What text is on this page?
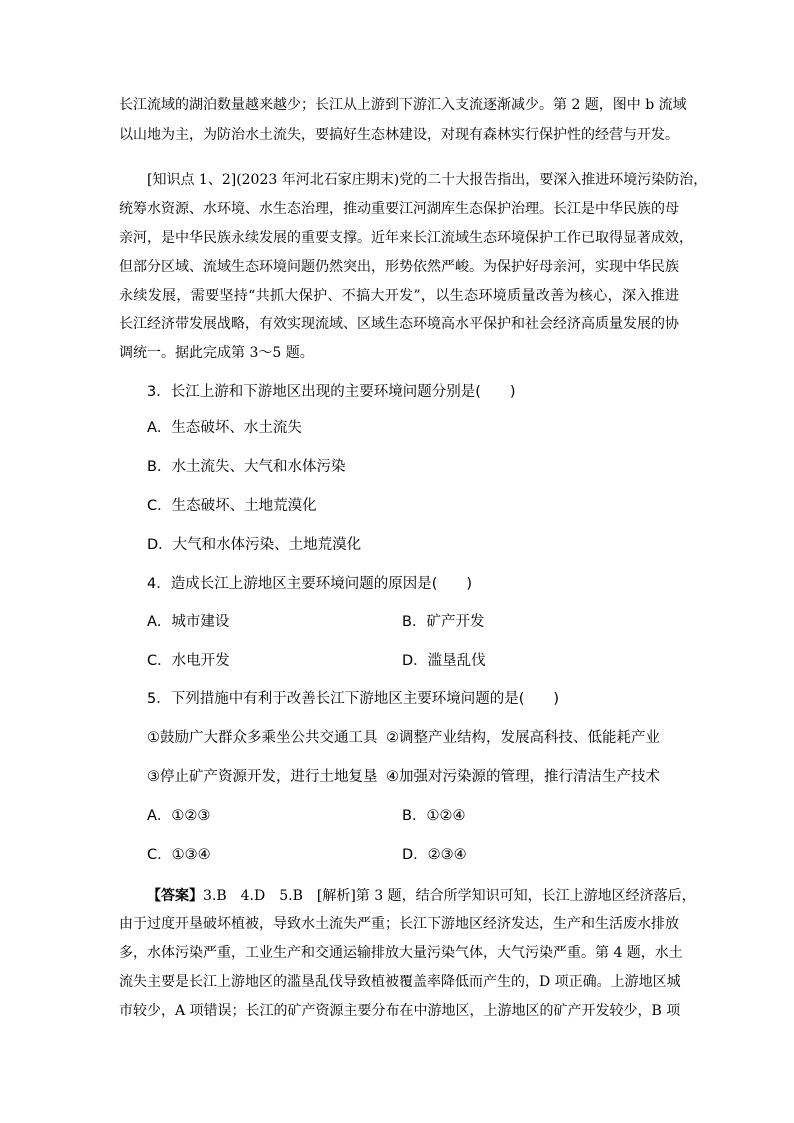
长江流域的湖泊数量越来越少；长江从上游到下游汇入支流逐渐减少。第 2 题，图中 b 流域
以山地为主，为防治水土流失，要搞好生态林建设，对现有森林实行保护性的经营与开发。
[知识点 1、2](2023 年河北石家庄期末)党的二十大报告指出，要深入推进环境污染防治，
统筹水资源、水环境、水生态治理，推动重要江河湖库生态保护治理。长江是中华民族的母
亲河，是中华民族永续发展的重要支撑。近年来长江流域生态环境保护工作已取得显著成效，
但部分区域、流域生态环境问题仍然突出，形势依然严峻。为保护好母亲河，实现中华民族
永续发展，需要坚持“共抓大保护、不搞大开发”，以生态环境质量改善为核心，深入推进
长江经济带发展战略，有效实现流域、区域生态环境高水平保护和社会经济高质量发展的协
调统一。据此完成第 3～5 题。
3．长江上游和下游地区出现的主要环境问题分别是(　　)
A．生态破坏、水土流失
B．水土流失、大气和水体污染
C．生态破坏、土地荒漠化
D．大气和水体污染、土地荒漠化
4．造成长江上游地区主要环境问题的原因是(　　)
A．城市建设	B．矿产开发
C．水电开发	D．滥垦乱伐
5．下列措施中有利于改善长江下游地区主要环境问题的是(　　)
①鼓励广大群众多乘坐公共交通工具 ②调整产业结构，发展高科技、低能耗产业
③停止矿产资源开发，进行土地复垦 ④加强对污染源的管理，推行清洁生产技术
A．①②③	B．①②④
C．①③④	D．②③④
【答案】3.B　4.D　5.B　[解析]第 3 题，结合所学知识可知，长江上游地区经济落后，
由于过度开垦破坏植被，导致水土流失严重；长江下游地区经济发达，生产和生活废水排放
多，水体污染严重，工业生产和交通运输排放大量污染气体，大气污染严重。第 4 题，水土
流失主要是长江上游地区的滥垦乱伐导致植被覆盖率降低而产生的，D 项正确。上游地区城
市较少，A 项错误；长江的矿产资源主要分布在中游地区，上游地区的矿产开发较少，B 项
